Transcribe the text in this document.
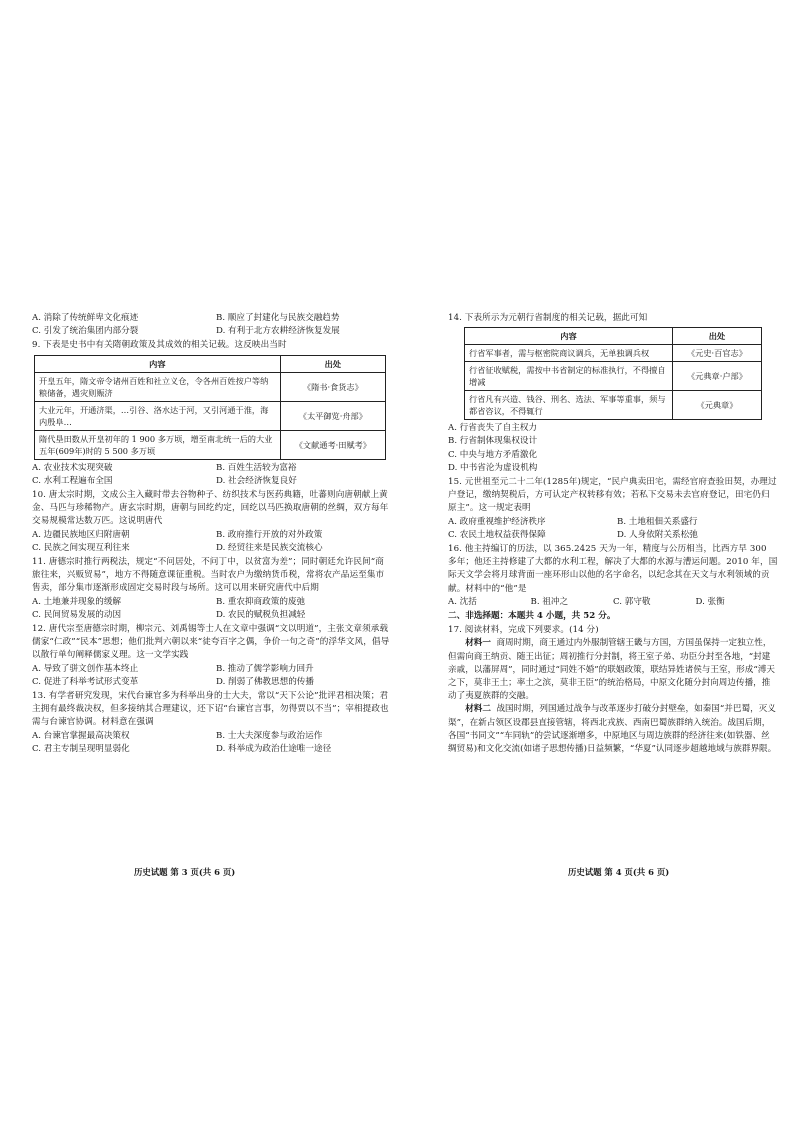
A. 消除了传统鲜卑文化痕迹	B. 顺应了封建化与民族交融趋势
C. 引发了统治集团内部分裂	D. 有利于北方农耕经济恢复发展
9. 下表是史书中有关隋朝政策及其成效的相关记载。这反映出当时
内容	出处
开皇五年，隋文帝令诸州百姓和社立义仓，令各州百姓按户等纳粮储备，遇灾则赈济	《隋书·食货志》
大业元年，开通济渠，…引谷、洛水达于河，又引河通于淮，海内殷阜…	《太平御览·舟部》
隋代垦田数从开皇初年的 1 900 多万顷，增至南北统一后的大业五年(609年)时的 5 500 多万顷	《文献通考·田赋考》
A. 农业技术实现突破	B. 百姓生活较为富裕
C. 水利工程遍布全国	D. 社会经济恢复良好
10. 唐太宗时期，文成公主入藏时带去谷物种子、纺织技术与医药典籍，吐蕃则向唐朝献上黄金、马匹与珍稀物产。唐玄宗时期，唐朝与回纥约定，回纥以马匹换取唐朝的丝绸，双方每年交易规模常达数万匹。这说明唐代
A. 边疆民族地区归附唐朝	B. 政府推行开放的对外政策
C. 民族之间实现互利往来	D. 经贸往来是民族交流核心
11. 唐德宗时推行两税法，规定“不问居处，不问丁中，以贫富为差”；同时朝廷允许民间“商旅往来，兴贩贸易”，地方不得随意课征重税。当时农户为缴纳货币税，常将农产品运至集市售卖，部分集市逐渐形成固定交易时段与场所。这可以用来研究唐代中后期
A. 土地兼并现象的缓解	B. 重农抑商政策的废弛
C. 民间贸易发展的动因	D. 农民的赋税负担减轻
12. 唐代宗至唐德宗时期，柳宗元、刘禹锡等士人在文章中强调“文以明道”，主张文章须承载儒家“仁政”“民本”思想；他们批判六朝以来“徒夸百字之偶，争价一句之奇”的浮华文风，倡导以散行单句阐释儒家义理。这一文学实践
A. 导致了骈文创作基本终止	B. 推动了儒学影响力回升
C. 促进了科举考试形式变革	D. 削弱了佛教思想的传播
13. 有学者研究发现，宋代台谏官多为科举出身的士大夫，常以“天下公论”批评君相决策；君主拥有最终裁决权，但多接纳其合理建议，还下诏“台谏官言事，勿得贾以不当”；宰相提政也需与台谏官协调。材料意在强调
A. 台谏官掌握最高决策权	B. 士大夫深度参与政治运作
C. 君主专制呈现明显弱化	D. 科举成为政治仕途唯一途径
历史试题 第 3 页(共 6 页)
14. 下表所示为元朝行省制度的相关记载，据此可知
内容	出处
行省军事者，需与枢密院商议调兵，无单独调兵权	《元史·百官志》
行省征收赋税，需按中书省制定的标准执行，不得擅自增减	《元典章·户部》
行省凡有兴造、钱谷、刑名、选法、军事等重事，须与都省咨议，不得辄行	《元典章》
A. 行省丧失了自主权力
B. 行省制体现集权设计
C. 中央与地方矛盾激化
D. 中书省沦为虚设机构
15. 元世祖至元二十二年(1285年)规定，“民户典卖田宅，需经官府查验田契，办理过户登记，缴纳契税后，方可认定产权转移有效；若私下交易未去官府登记，田宅仍归原主”。这一规定表明
A. 政府重视维护经济秩序	B. 土地租佃关系盛行
C. 农民土地权益获得保障	D. 人身依附关系松弛
16. 他主持编订的历法，以 365.2425 天为一年，精度与公历相当，比西方早 300 多年；他还主持修建了大都的水利工程，解决了大都的水源与漕运问题。2010 年，国际天文学会将月球背面一座环形山以他的名字命名，以纪念其在天文与水利领域的贡献。材料中的“他”是
A. 沈括	B. 祖冲之	C. 郭守敬	D. 张衡
二、非选择题：本题共 4 小题，共 52 分。
17. 阅读材料，完成下列要求。(14 分)
材料一 商周时期，商王通过内外服制管辖王畿与方国，方国虽保持一定独立性，但需向商王纳贡、随王出征；周初推行分封制，将王室子弟、功臣分封至各地，“封建亲戚，以藩屏周”，同时通过“同姓不婚”的联姻政策，联结异姓诸侯与王室，形成“溥天之下，莫非王土；率土之滨，莫非王臣”的统治格局，中原文化随分封向周边传播，推动了夷夏族群的交融。
材料二 战国时期，列国通过战争与改革逐步打破分封壁垒，如秦国“并巴蜀，灭义渠”，在新占领区设郡县直接管辖，将西北戎族、西南巴蜀族群纳入统治。战国后期，各国“书同文”“车同轨”的尝试逐渐增多，中原地区与周边族群的经济往来(如铁器、丝绸贸易)和文化交流(如诸子思想传播)日益频繁，“华夏”认同逐步超越地域与族群界限。
历史试题 第 4 页(共 6 页)
